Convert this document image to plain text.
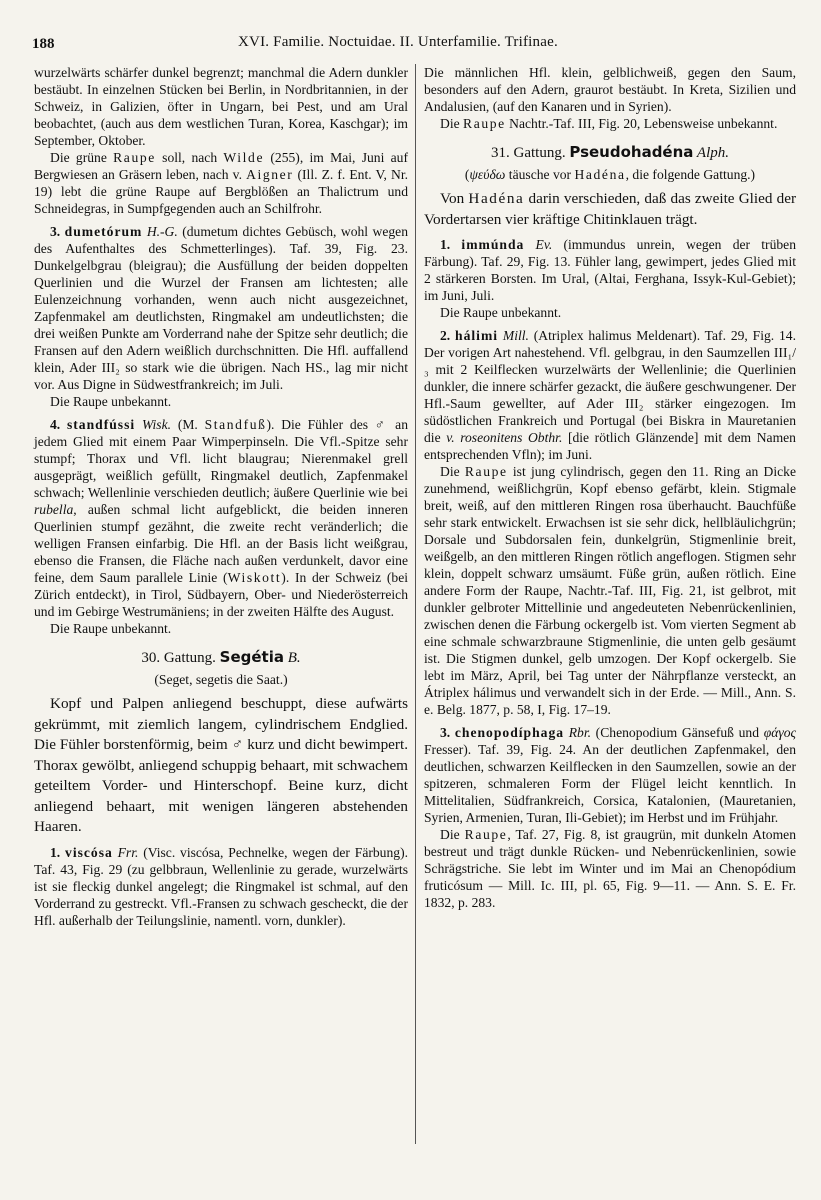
188	XVI. Familie. Noctuidae. II. Unterfamilie. Trifinae.

wurzelwärts schärfer dunkel begrenzt; manchmal die Adern dunkler bestäubt. In einzelnen Stücken bei Berlin, in Nordbritannien, in der Schweiz, in Galizien, öfter in Ungarn, bei Pest, und am Ural beobachtet, (auch aus dem westlichen Turan, Korea, Kaschgar); im September, Oktober.

Die grüne Raupe soll, nach Wilde (255), im Mai, Juni auf Bergwiesen an Gräsern leben, nach v. Aigner (Ill. Z. f. Ent. V, Nr. 19) lebt die grüne Raupe auf Bergblößen an Thalictrum und Schneidegras, in Sumpfgegenden auch an Schilfrohr.

3. dumetórum H.-G. (dumetum dichtes Gebüsch, wohl wegen des Aufenthaltes des Schmetterlinges). Taf. 39, Fig. 23. Dunkelgelbgrau (bleigrau); die Ausfüllung der beiden doppelten Querlinien und die Wurzel der Fransen am lichtesten; alle Eulenzeichnung vorhanden, wenn auch nicht ausgezeichnet, Zapfenmakel am deutlichsten, Ringmakel am undeutlichsten; die drei weißen Punkte am Vorderrand nahe der Spitze sehr deutlich; die Fransen auf den Adern weißlich durchschnitten. Die Hfl. auffallend klein, Ader III₂ so stark wie die übrigen. Nach HS., lag mir nicht vor. Aus Digne in Südwestfrankreich; im Juli.

Die Raupe unbekannt.

4. standfússi Wisk. (M. Standfuß). Die Fühler des ♂ an jedem Glied mit einem Paar Wimperpinseln. Die Vfl.-Spitze sehr stumpf; Thorax und Vfl. licht blaugrau; Nierenmakel grell ausgeprägt, weißlich gefüllt, Ringmakel deutlich, Zapfenmakel schwach; Wellenlinie verschieden deutlich; äußere Querlinie wie bei rubella, außen schmal licht aufgeblickt, die beiden inneren Querlinien stumpf gezähnt, die zweite recht veränderlich; die welligen Fransen einfarbig. Die Hfl. an der Basis licht weißgrau, ebenso die Fransen, die Fläche nach außen verdunkelt, davor eine feine, dem Saum parallele Linie (Wiskott). In der Schweiz (bei Zürich entdeckt), in Tirol, Südbayern, Ober- und Niederösterreich und im Gebirge Westrumäniens; in der zweiten Hälfte des August.

Die Raupe unbekannt.

30. Gattung. Segétia B.

(Seget, segetis die Saat.)

Kopf und Palpen anliegend beschuppt, diese aufwärts gekrümmt, mit ziemlich langem, cylindrischem Endglied. Die Fühler borstenförmig, beim ♂ kurz und dicht bewimpert. Thorax gewölbt, anliegend schuppig behaart, mit schwachem geteiltem Vorder- und Hinterschopf. Beine kurz, dicht anliegend behaart, mit wenigen längeren abstehenden Haaren.

1. viscósa Frr. (Visc. viscósa, Pechnelke, wegen der Färbung). Taf. 43, Fig. 29 (zu gelbbraun, Wellenlinie zu gerade, wurzelwärts ist sie fleckig dunkel angelegt; die Ringmakel ist schmal, auf den Vorderrand zu gestreckt. Vfl.-Fransen zu schwach gescheckt, die der Hfl. außerhalb der Teilungslinie, namentl. vorn, dunkler).

Die männlichen Hfl. klein, gelblichweiß, gegen den Saum, besonders auf den Adern, graurot bestäubt. In Kreta, Sizilien und Andalusien, (auf den Kanaren und in Syrien).

Die Raupe Nachtr.-Taf. III, Fig. 20, Lebensweise unbekannt.

31. Gattung. Pseudohadéna Alph.

(ψεύδω täusche vor Hadéna, die folgende Gattung.)

Von Hadéna darin verschieden, daß das zweite Glied der Vordertarsen vier kräftige Chitinklauen trägt.

1. immúnda Ev. (immundus unrein, wegen der trüben Färbung). Taf. 29, Fig. 13. Fühler lang, gewimpert, jedes Glied mit 2 stärkeren Borsten. Im Ural, (Altai, Ferghana, Issyk-Kul-Gebiet); im Juni, Juli.

Die Raupe unbekannt.

2. hálimi Mill. (Atriplex halimus Meldenart). Taf. 29, Fig. 14. Der vorigen Art nahestehend. Vfl. gelbgrau, in den Saumzellen III₁/₃ mit 2 Keilflecken wurzelwärts der Wellenlinie; die Querlinien dunkler, die innere schärfer gezackt, die äußere geschwungener. Der Hfl.-Saum gewellter, auf Ader III₂ stärker eingezogen. Im südöstlichen Frankreich und Portugal (bei Biskra in Mauretanien die v. roseonitens Obthr. [die rötlich Glänzende] mit dem Namen entsprechenden Vfln); im Juni.

Die Raupe ist jung cylindrisch, gegen den 11. Ring an Dicke zunehmend, weißlichgrün, Kopf ebenso gefärbt, klein. Stigmale breit, weiß, auf den mittleren Ringen rosa überhaucht. Bauchfüße sehr stark entwickelt. Erwachsen ist sie sehr dick, hellbläulichgrün; Dorsale und Subdorsalen fein, dunkelgrün, Stigmenlinie breit, weißgelb, an den mittleren Ringen rötlich angeflogen. Stigmen sehr klein, doppelt schwarz umsäumt. Füße grün, außen rötlich. Eine andere Form der Raupe, Nachtr.-Taf. III, Fig. 21, ist gelbrot, mit dunkler gelbroter Mittellinie und angedeuteten Nebenrückenlinien, zwischen denen die Färbung ockergelb ist. Vom vierten Segment ab eine schmale schwarzbraune Stigmenlinie, die unten gelb gesäumt ist. Die Stigmen dunkel, gelb umzogen. Der Kopf ockergelb. Sie lebt im März, April, bei Tag unter der Nährpflanze versteckt, an Átriplex hálimus und verwandelt sich in der Erde. — Mill., Ann. S. e. Belg. 1877, p. 58, I, Fig. 17–19.

3. chenopodíphaga Rbr. (Chenopodium Gänsefuß und φάγος Fresser). Taf. 39, Fig. 24. An der deutlichen Zapfenmakel, den deutlichen, schwarzen Keilflecken in den Saumzellen, sowie an der spitzeren, schmaleren Form der Flügel leicht kenntlich. In Mittelitalien, Südfrankreich, Corsica, Katalonien, (Mauretanien, Syrien, Armenien, Turan, Ili-Gebiet); im Herbst und im Frühjahr.

Die Raupe, Taf. 27, Fig. 8, ist graugrün, mit dunkeln Atomen bestreut und trägt dunkle Rücken- und Nebenrückenlinien, sowie Schrägstriche. Sie lebt im Winter und im Mai an Chenopódium fruticósum — Mill. Ic. III, pl. 65, Fig. 9—11. — Ann. S. E. Fr. 1832, p. 283.
